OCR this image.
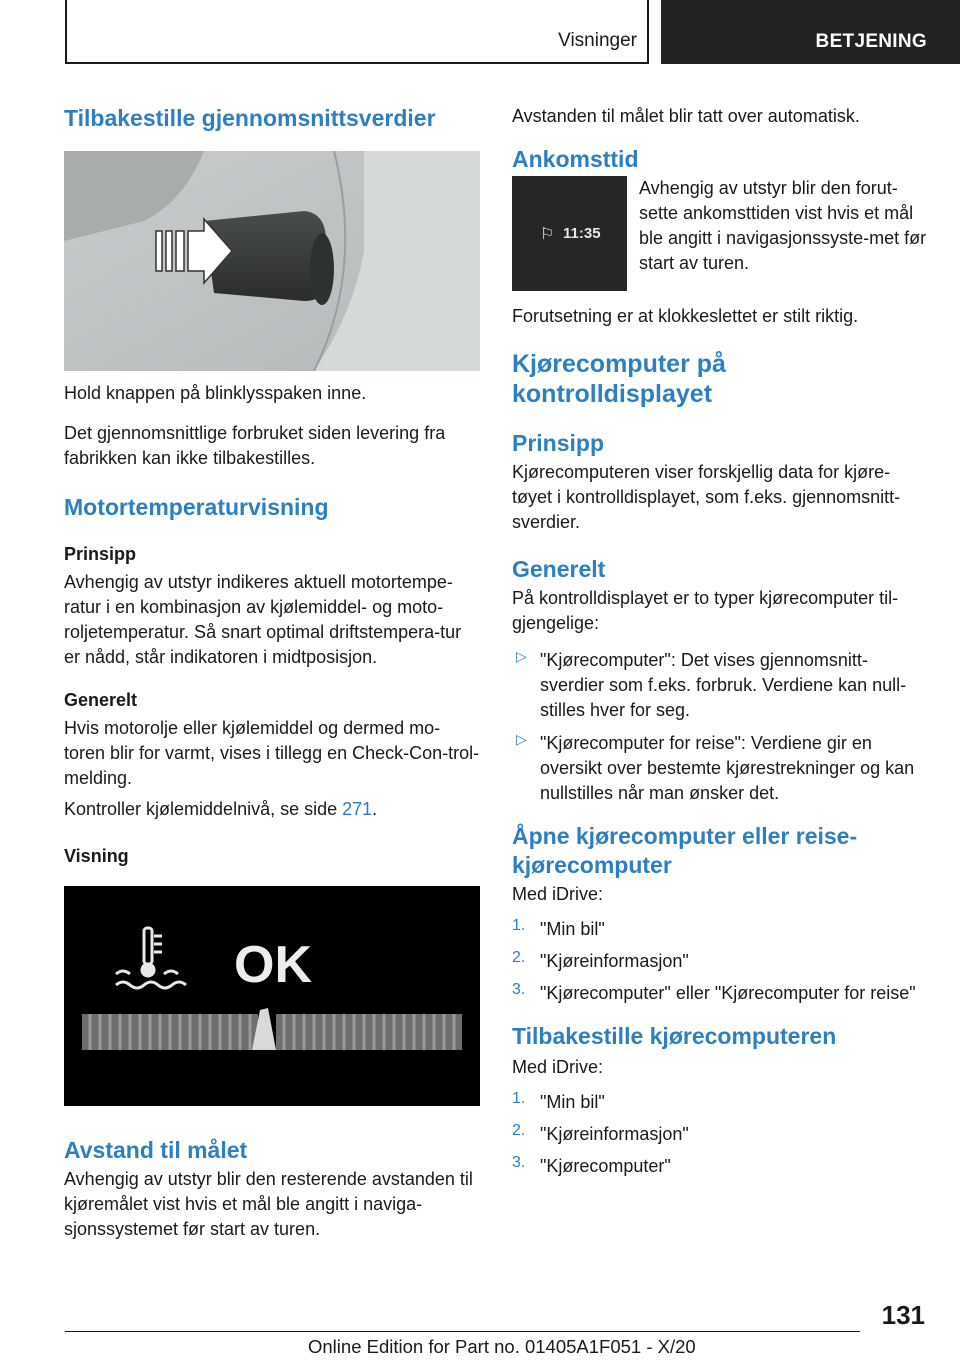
Visninger	BETJENING
Tilbakestille gjennomsnittsverdier

Hold knappen på blinklysspaken inne.

Det gjennomsnittlige forbruket siden levering fra fabrikken kan ikke tilbakestilles.

Motortemperaturvisning
Prinsipp

Avhengig av utstyr indikeres aktuell motortempe-ratur i en kombinasjon av kjølemiddel- og moto-roljetemperatur. Så snart optimal driftstempera-tur er nådd, står indikatoren i midtposisjon.

Generelt

Hvis motorolje eller kjølemiddel og dermed mo-toren blir for varmt, vises i tillegg en Check-Con-trol-melding.

Kontroller kjølemiddelnivå, se side 271.

Visning
OK
Avstand til målet

Avhengig av utstyr blir den resterende avstanden til kjøremålet vist hvis et mål ble angitt i naviga-sjonssystemet før start av turen.

Avstanden til målet blir tatt over automatisk.

Ankomsttid
⚐ 11:35

Avhengig av utstyr blir den forut-sette ankomsttiden vist hvis et mål ble angitt i navigasjonssyste-met før start av turen.

Forutsetning er at klokkeslettet er stilt riktig.

Kjørecomputer på kontrolldisplayet
Prinsipp

Kjørecomputeren viser forskjellig data for kjøre-tøyet i kontrolldisplayet, som f.eks. gjennomsnitt-sverdier.

Generelt

På kontrolldisplayet er to typer kjørecomputer til-gjengelige:

▷ "Kjørecomputer": Det vises gjennomsnitt-sverdier som f.eks. forbruk. Verdiene kan null-stilles hver for seg.

▷ "Kjørecomputer for reise": Verdiene gir en oversikt over bestemte kjørestrekninger og kan nullstilles når man ønsker det.

Åpne kjørecomputer eller reise-kjørecomputer

Med iDrive:

1. "Min bil"

2. "Kjøreinformasjon"

3. "Kjørecomputer" eller "Kjørecomputer for reise"

Tilbakestille kjørecomputeren

Med iDrive:

1. "Min bil"

2. "Kjøreinformasjon"

3. "Kjørecomputer"

131
Online Edition for Part no. 01405A1F051 - X/20
